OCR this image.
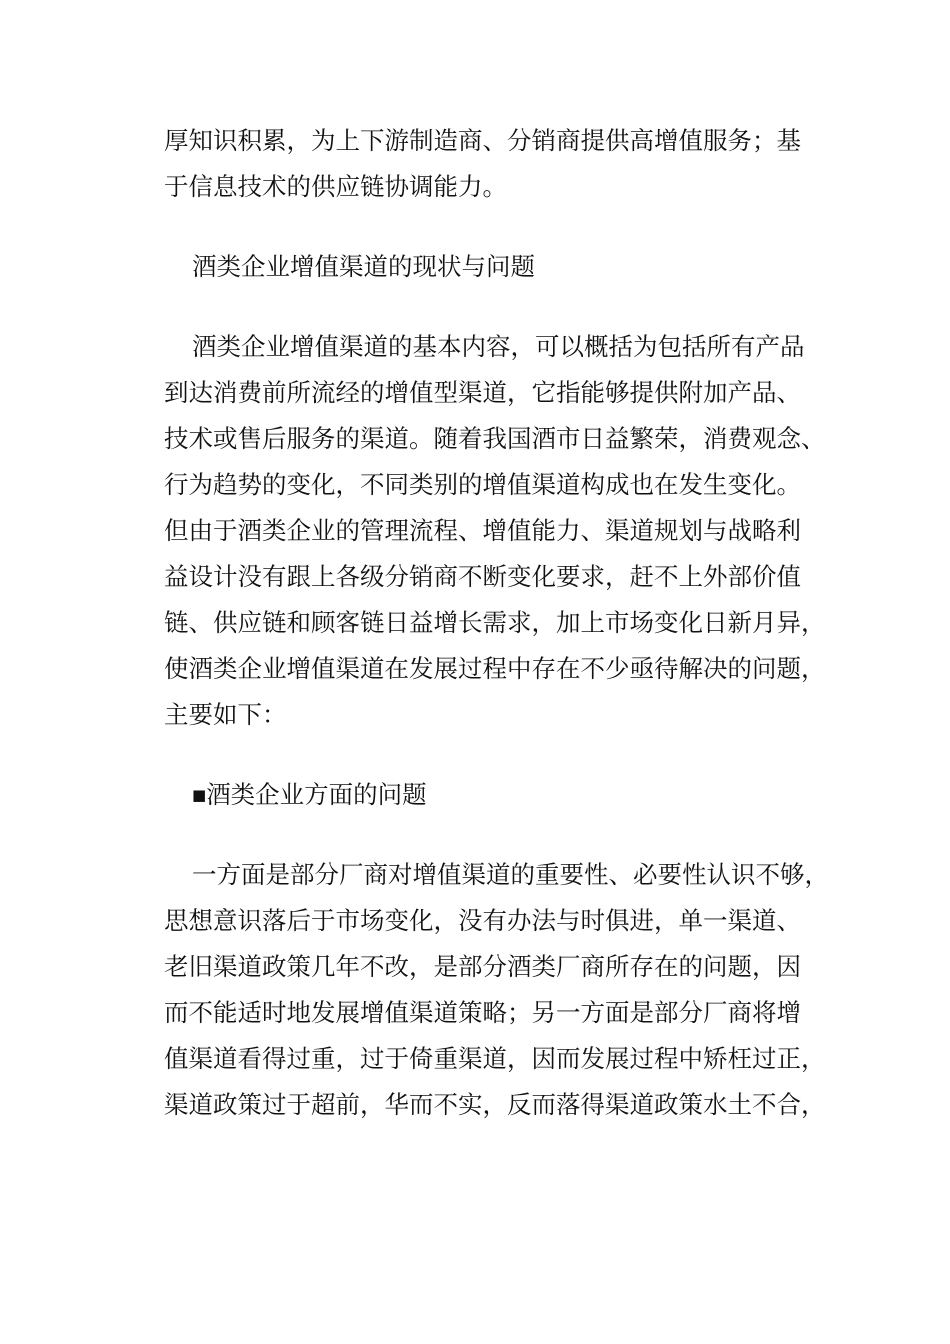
厚知识积累，为上下游制造商、分销商提供高增值服务；基
于信息技术的供应链协调能力。
酒类企业增值渠道的现状与问题
酒类企业增值渠道的基本内容，可以概括为包括所有产品
到达消费前所流经的增值型渠道，它指能够提供附加产品、
技术或售后服务的渠道。随着我国酒市日益繁荣，消费观念、
行为趋势的变化，不同类别的增值渠道构成也在发生变化。
但由于酒类企业的管理流程、增值能力、渠道规划与战略利
益设计没有跟上各级分销商不断变化要求，赶不上外部价值
链、供应链和顾客链日益增长需求，加上市场变化日新月异，
使酒类企业增值渠道在发展过程中存在不少亟待解决的问题，
主要如下：
■酒类企业方面的问题
一方面是部分厂商对增值渠道的重要性、必要性认识不够，
思想意识落后于市场变化，没有办法与时俱进，单一渠道、
老旧渠道政策几年不改，是部分酒类厂商所存在的问题，因
而不能适时地发展增值渠道策略；另一方面是部分厂商将增
值渠道看得过重，过于倚重渠道，因而发展过程中矫枉过正，
渠道政策过于超前，华而不实，反而落得渠道政策水土不合，
